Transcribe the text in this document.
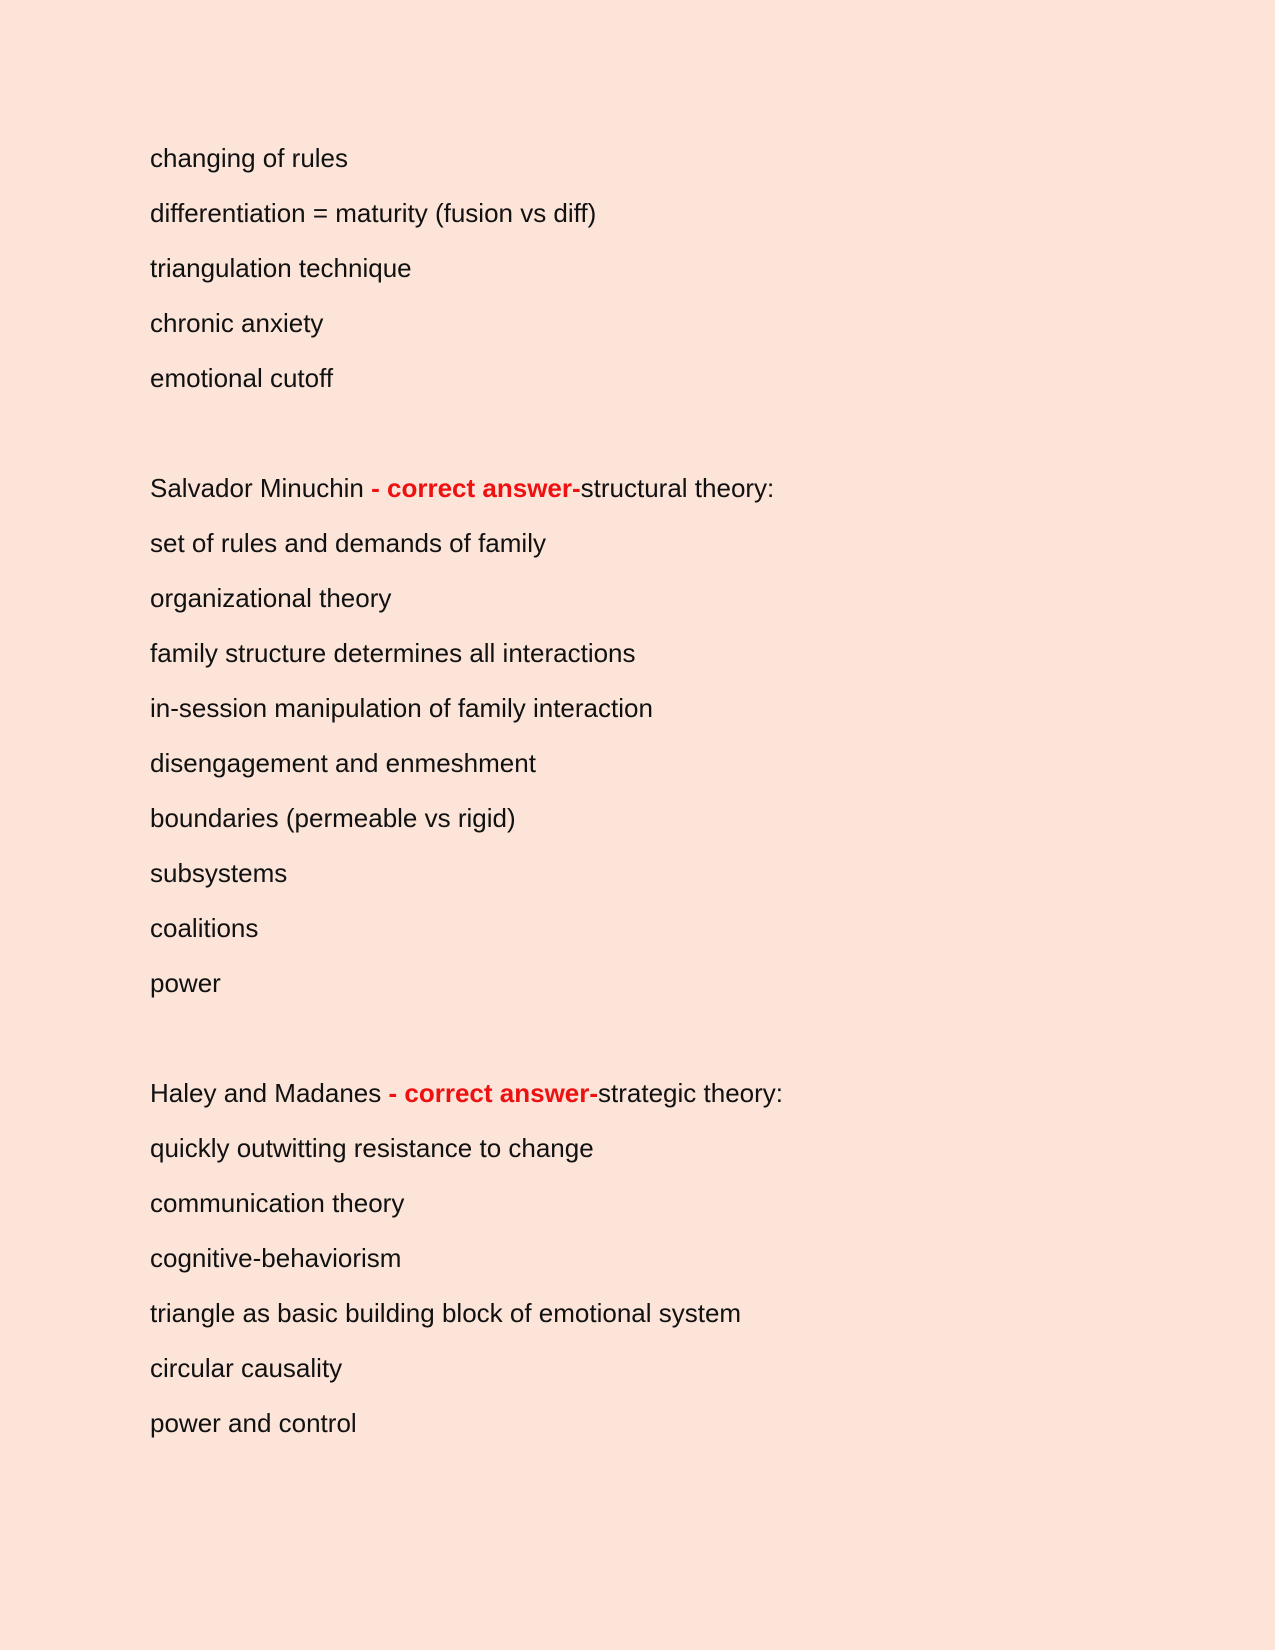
changing of rules
differentiation = maturity (fusion vs diff)
triangulation technique
chronic anxiety
emotional cutoff
Salvador Minuchin - correct answer-structural theory:
set of rules and demands of family
organizational theory
family structure determines all interactions
in-session manipulation of family interaction
disengagement and enmeshment
boundaries (permeable vs rigid)
subsystems
coalitions
power
Haley and Madanes - correct answer-strategic theory:
quickly outwitting resistance to change
communication theory
cognitive-behaviorism
triangle as basic building block of emotional system
circular causality
power and control
